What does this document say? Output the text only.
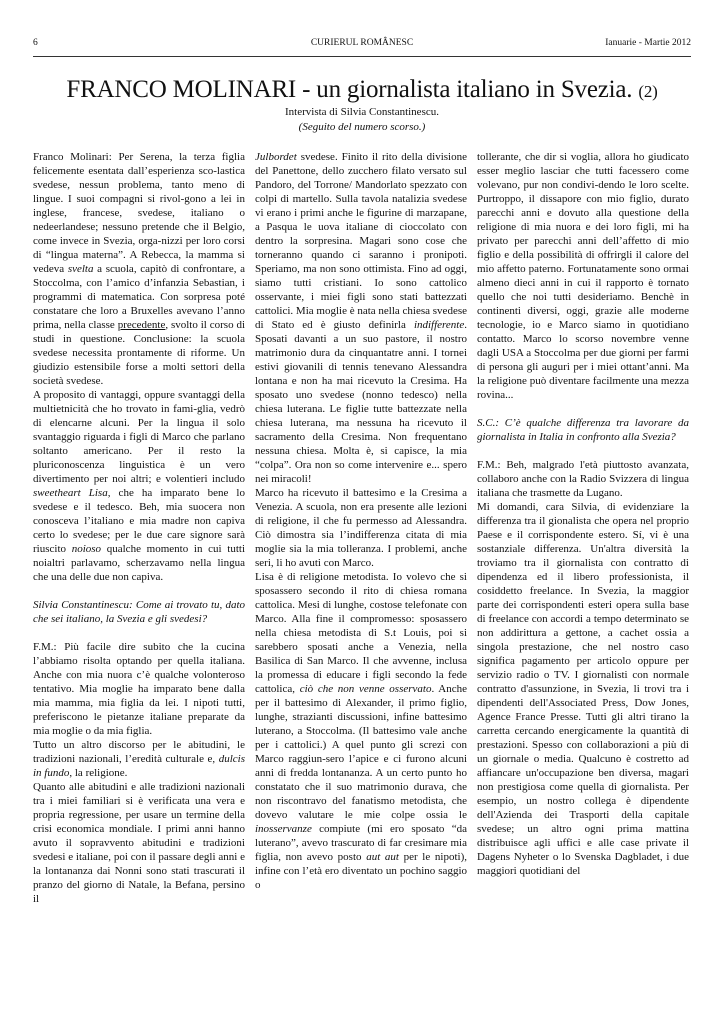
6	CURIERUL ROMÂNESC	Ianuarie - Martie 2012
FRANCO MOLINARI - un giornalista italiano in Svezia. (2)
Intervista di Silvia Constantinescu.
(Seguito del numero scorso.)

Franco Molinari: Per Serena, la terza figlia felicemente esentata dall’esperienza sco-lastica svedese, nessun problema, tanto meno di lingue. I suoi compagni si rivol-gono a lei in inglese, francese, svedese, italiano o nedeerlandese; nessuno pretende che il Belgio, come invece in Svezia, orga-nizzi per loro corsi di “lingua materna”. A Rebecca, la mamma si vedeva svelta a scuola, capitò di confrontare, a Stoccolma, con l’amico d’infanzia Sebastian, i programmi di matematica. Con sorpresa poté constatare che loro a Bruxelles avevano l’anno prima, nella classe precedente, svolto il corso di studi in questione. Conclusione: la scuola svedese necessita prontamente di riforme. Un giudizio estensibile forse a molti settori della società svedese.

A proposito di vantaggi, oppure svantaggi della multietnicità che ho trovato in fami-glia, vedrò di elencarne alcuni. Per la lingua il solo svantaggio riguarda i figli di Marco che parlano soltanto americano. Per il resto la pluriconoscenza linguistica è un vero divertimento per noi altri; e volentieri includo sweetheart Lisa, che ha imparato bene lo svedese e il tedesco. Beh, mia suocera non conosceva l’italiano e mia madre non capiva certo lo svedese; per le due care signore sarà riuscito noioso qualche momento in cui tutti noialtri parlavamo, scherzavamo nella lingua che una delle due non capiva.

Silvia Constantinescu: Come ai trovato tu, dato che sei italiano, la Svezia e gli svedesi?

F.M.: Più facile dire subito che la cucina l’abbiamo risolta optando per quella italiana. Anche con mia nuora c’è qualche volonteroso tentativo. Mia moglie ha imparato bene dalla mia mamma, mia figlia da lei. I nipoti tutti, preferiscono le pietanze italiane preparate da mia moglie o da mia figlia.

Tutto un altro discorso per le abitudini, le tradizioni nazionali, l’eredità culturale e, dulcis in fundo, la religione.

Quanto alle abitudini e alle tradizioni nazionali tra i miei familiari si è verificata una vera e propria regressione, per usare un termine della crisi economica mondiale. I primi anni hanno avuto il sopravvento abitudini e tradizioni svedesi e italiane, poi con il passare degli anni e la lontananza dai Nonni sono stati trascurati il pranzo del giorno di Natale, la Befana, persino il

Julbordet svedese. Finito il rito della divisione del Panettone, dello zucchero filato versato sul Pandoro, del Torrone/ Mandorlato spezzato con colpi di martello. Sulla tavola natalizia svedese vi erano i primi anche le figurine di marzapane, a Pasqua le uova italiane di cioccolato con dentro la sorpresina. Magari sono cose che torneranno quando ci saranno i pronipoti. Speriamo, ma non sono ottimista. Fino ad oggi, siamo tutti cristiani. Io sono cattolico osservante, i miei figli sono stati battezzati cattolici. Mia moglie è nata nella chiesa svedese di Stato ed è giusto definirla indifferente. Sposati davanti a un suo pastore, il nostro matrimonio dura da cinquantatre anni. I tornei estivi giovanili di tennis tenevano Alessandra lontana e non ha mai ricevuto la Cresima. Ha sposato uno svedese (nonno tedesco) nella chiesa luterana. Le figlie tutte battezzate nella chiesa luterana, ma nessuna ha ricevuto il sacramento della Cresima. Non frequentano nessuna chiesa. Molta è, si capisce, la mia “colpa”. Ora non so come intervenire e... spero nei miracoli!

Marco ha ricevuto il battesimo e la Cresima a Venezia. A scuola, non era presente alle lezioni di religione, il che fu permesso ad Alessandra. Ciò dimostra sia l’indifferenza citata di mia moglie sia la mia tolleranza. I problemi, anche seri, li ho avuti con Marco.

Lisa è di religione metodista. Io volevo che si sposassero secondo il rito di chiesa romana cattolica. Mesi di lunghe, costose telefonate con Marco. Alla fine il compromesso: sposassero nella chiesa metodista di S.t Louis, poi si sarebbero sposati anche a Venezia, nella Basilica di San Marco. Il che avvenne, inclusa la promessa di educare i figli secondo la fede cattolica, ciò che non venne osservato. Anche per il battesimo di Alexander, il primo figlio, lunghe, strazianti discussioni, infine battesimo luterano, a Stoccolma. (Il battesimo vale anche per i cattolici.) A quel punto gli screzi con Marco raggiun-sero l’apice e ci furono alcuni anni di fredda lontananza. A un certo punto ho constatato che il suo matrimonio durava, che non riscontravo del fanatismo metodista, che dovevo valutare le mie colpe ossia le inosservanze compiute (mi ero sposato “da luterano”, avevo trascurato di far cresimare mia figlia, non avevo posto aut aut per le nipoti), infine con l’età ero diventato un pochino saggio o

tollerante, che dir si voglia, allora ho giudicato esser meglio lasciar che tutti facessero come volevano, pur non condivi-dendo le loro scelte. Purtroppo, il dissapore con mio figlio, durato parecchi anni e dovuto alla questione della religione di mia nuora e dei loro figli, mi ha privato per parecchi anni dell’affetto di mio figlio e della possibilità di offrirgli il calore del mio affetto paterno. Fortunatamente sono ormai almeno dieci anni in cui il rapporto è tornato quello che noi tutti desideriamo. Benchè in continenti diversi, oggi, grazie alle moderne tecnologie, io e Marco siamo in quotidiano contatto. Marco lo scorso novembre venne dagli USA a Stoccolma per due giorni per farmi di persona gli auguri per i miei ottant’anni. Ma la religione può diventare facilmente una mezza rovina...

S.C.: C’è qualche differenza tra lavorare da giornalista in Italia in confronto alla Svezia?

F.M.: Beh, malgrado l'età piuttosto avanzata, collaboro anche con la Radio Svizzera di lingua italiana che trasmette da Lugano.

Mi domandi, cara Silvia, di evidenziare la differenza tra il gionalista che opera nel proprio Paese e il corrispondente estero. Sí, vi è una sostanziale differenza. Un'altra diversità la troviamo tra il giornalista con contratto di dipendenza ed il libero professionista, il cosiddetto freelance. In Svezia, la maggior parte dei corrispondenti esteri opera sulla base di freelance con accordi a tempo determinato se non addirittura a gettone, a cachet ossia a singola prestazione, che nel nostro caso significa pagamento per articolo oppure per servizio radio o TV. I giornalisti con normale contratto d'assunzione, in Svezia, li trovi tra i dipendenti dell'Associated Press, Dow Jones, Agence France Presse. Tutti gli altri tirano la carretta cercando energicamente la quantità di prestazioni. Spesso con collaborazioni a più di un giornale o media. Qualcuno è costretto ad affiancare un'occupazione ben diversa, magari non prestigiosa come quella di giornalista. Per esempio, un nostro collega è dipendente dell'Azienda dei Trasporti della capitale svedese; un altro ogni prima mattina distribuisce agli uffici e alle case private il Dagens Nyheter o lo Svenska Dagbladet, i due maggiori quotidiani del
